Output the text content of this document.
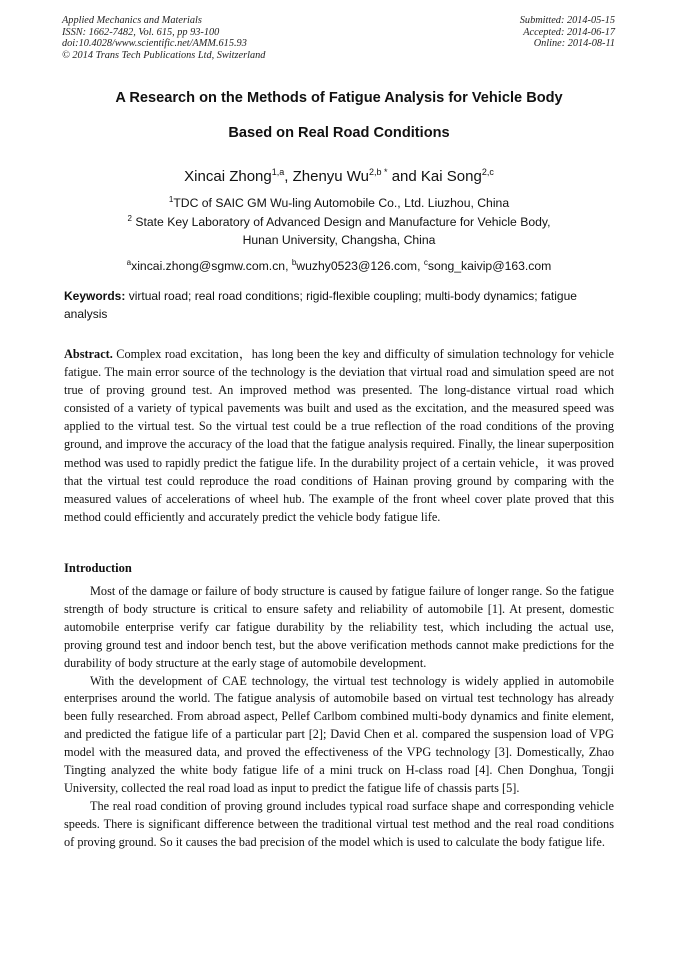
Applied Mechanics and Materials
ISSN: 1662-7482, Vol. 615, pp 93-100
doi:10.4028/www.scientific.net/AMM.615.93
© 2014 Trans Tech Publications Ltd, Switzerland
Submitted: 2014-05-15
Accepted: 2014-06-17
Online: 2014-08-11
A Research on the Methods of Fatigue Analysis for Vehicle Body
Based on Real Road Conditions
Xincai Zhong$^{1,a}$, Zhenyu $Wu^{2,b *}$ and Kai Song$^{2,c}$
$^1$TDC of SAIC GM Wu-ling Automobile Co., Ltd. Liuzhou, China
$^2$ State Key Laboratory of Advanced Design and Manufacture for Vehicle Body,
Hunan University, Changsha, China
$^a$xincai.zhong@sgmw.com.cn, $^b$wuzhy0523@126.com, $^c$song_kaivip@163.com
Keywords: virtual road; real road conditions; rigid-flexible coupling; multi-body dynamics; fatigue analysis
Abstract. Complex road excitation，has long been the key and difficulty of simulation technology for vehicle fatigue. The main error source of the technology is the deviation that virtual road and simulation speed are not true of proving ground test. An improved method was presented. The long-distance virtual road which consisted of a variety of typical pavements was built and used as the excitation, and the measured speed was applied to the virtual test. So the virtual test could be a true reflection of the road conditions of the proving ground, and improve the accuracy of the load that the fatigue analysis required. Finally, the linear superposition method was used to rapidly predict the fatigue life. In the durability project of a certain vehicle，it was proved that the virtual test could reproduce the road conditions of Hainan proving ground by comparing with the measured values of accelerations of wheel hub. The example of the front wheel cover plate proved that this method could efficiently and accurately predict the vehicle body fatigue life.
Introduction

Most of the damage or failure of body structure is caused by fatigue failure of longer range. So the fatigue strength of body structure is critical to ensure safety and reliability of automobile [1]. At present, domestic automobile enterprise verify car fatigue durability by the reliability test, which including the actual use, proving ground test and indoor bench test, but the above verification methods cannot make predictions for the durability of body structure at the early stage of automobile development.

With the development of CAE technology, the virtual test technology is widely applied in automobile enterprises around the world. The fatigue analysis of automobile based on virtual test technology has already been fully researched. From abroad aspect, Pellef Carlbom combined multi-body dynamics and finite element, and predicted the fatigue life of a particular part [2]; David Chen et al. compared the suspension load of VPG model with the measured data, and proved the effectiveness of the VPG technology [3]. Domestically, Zhao Tingting analyzed the white body fatigue life of a mini truck on H-class road [4]. Chen Donghua, Tongji University, collected the real road load as input to predict the fatigue life of chassis parts [5].

The real road condition of proving ground includes typical road surface shape and corresponding vehicle speeds. There is significant difference between the traditional virtual test method and the real road conditions of proving ground. So it causes the bad precision of the model which is used to calculate the body fatigue life.
